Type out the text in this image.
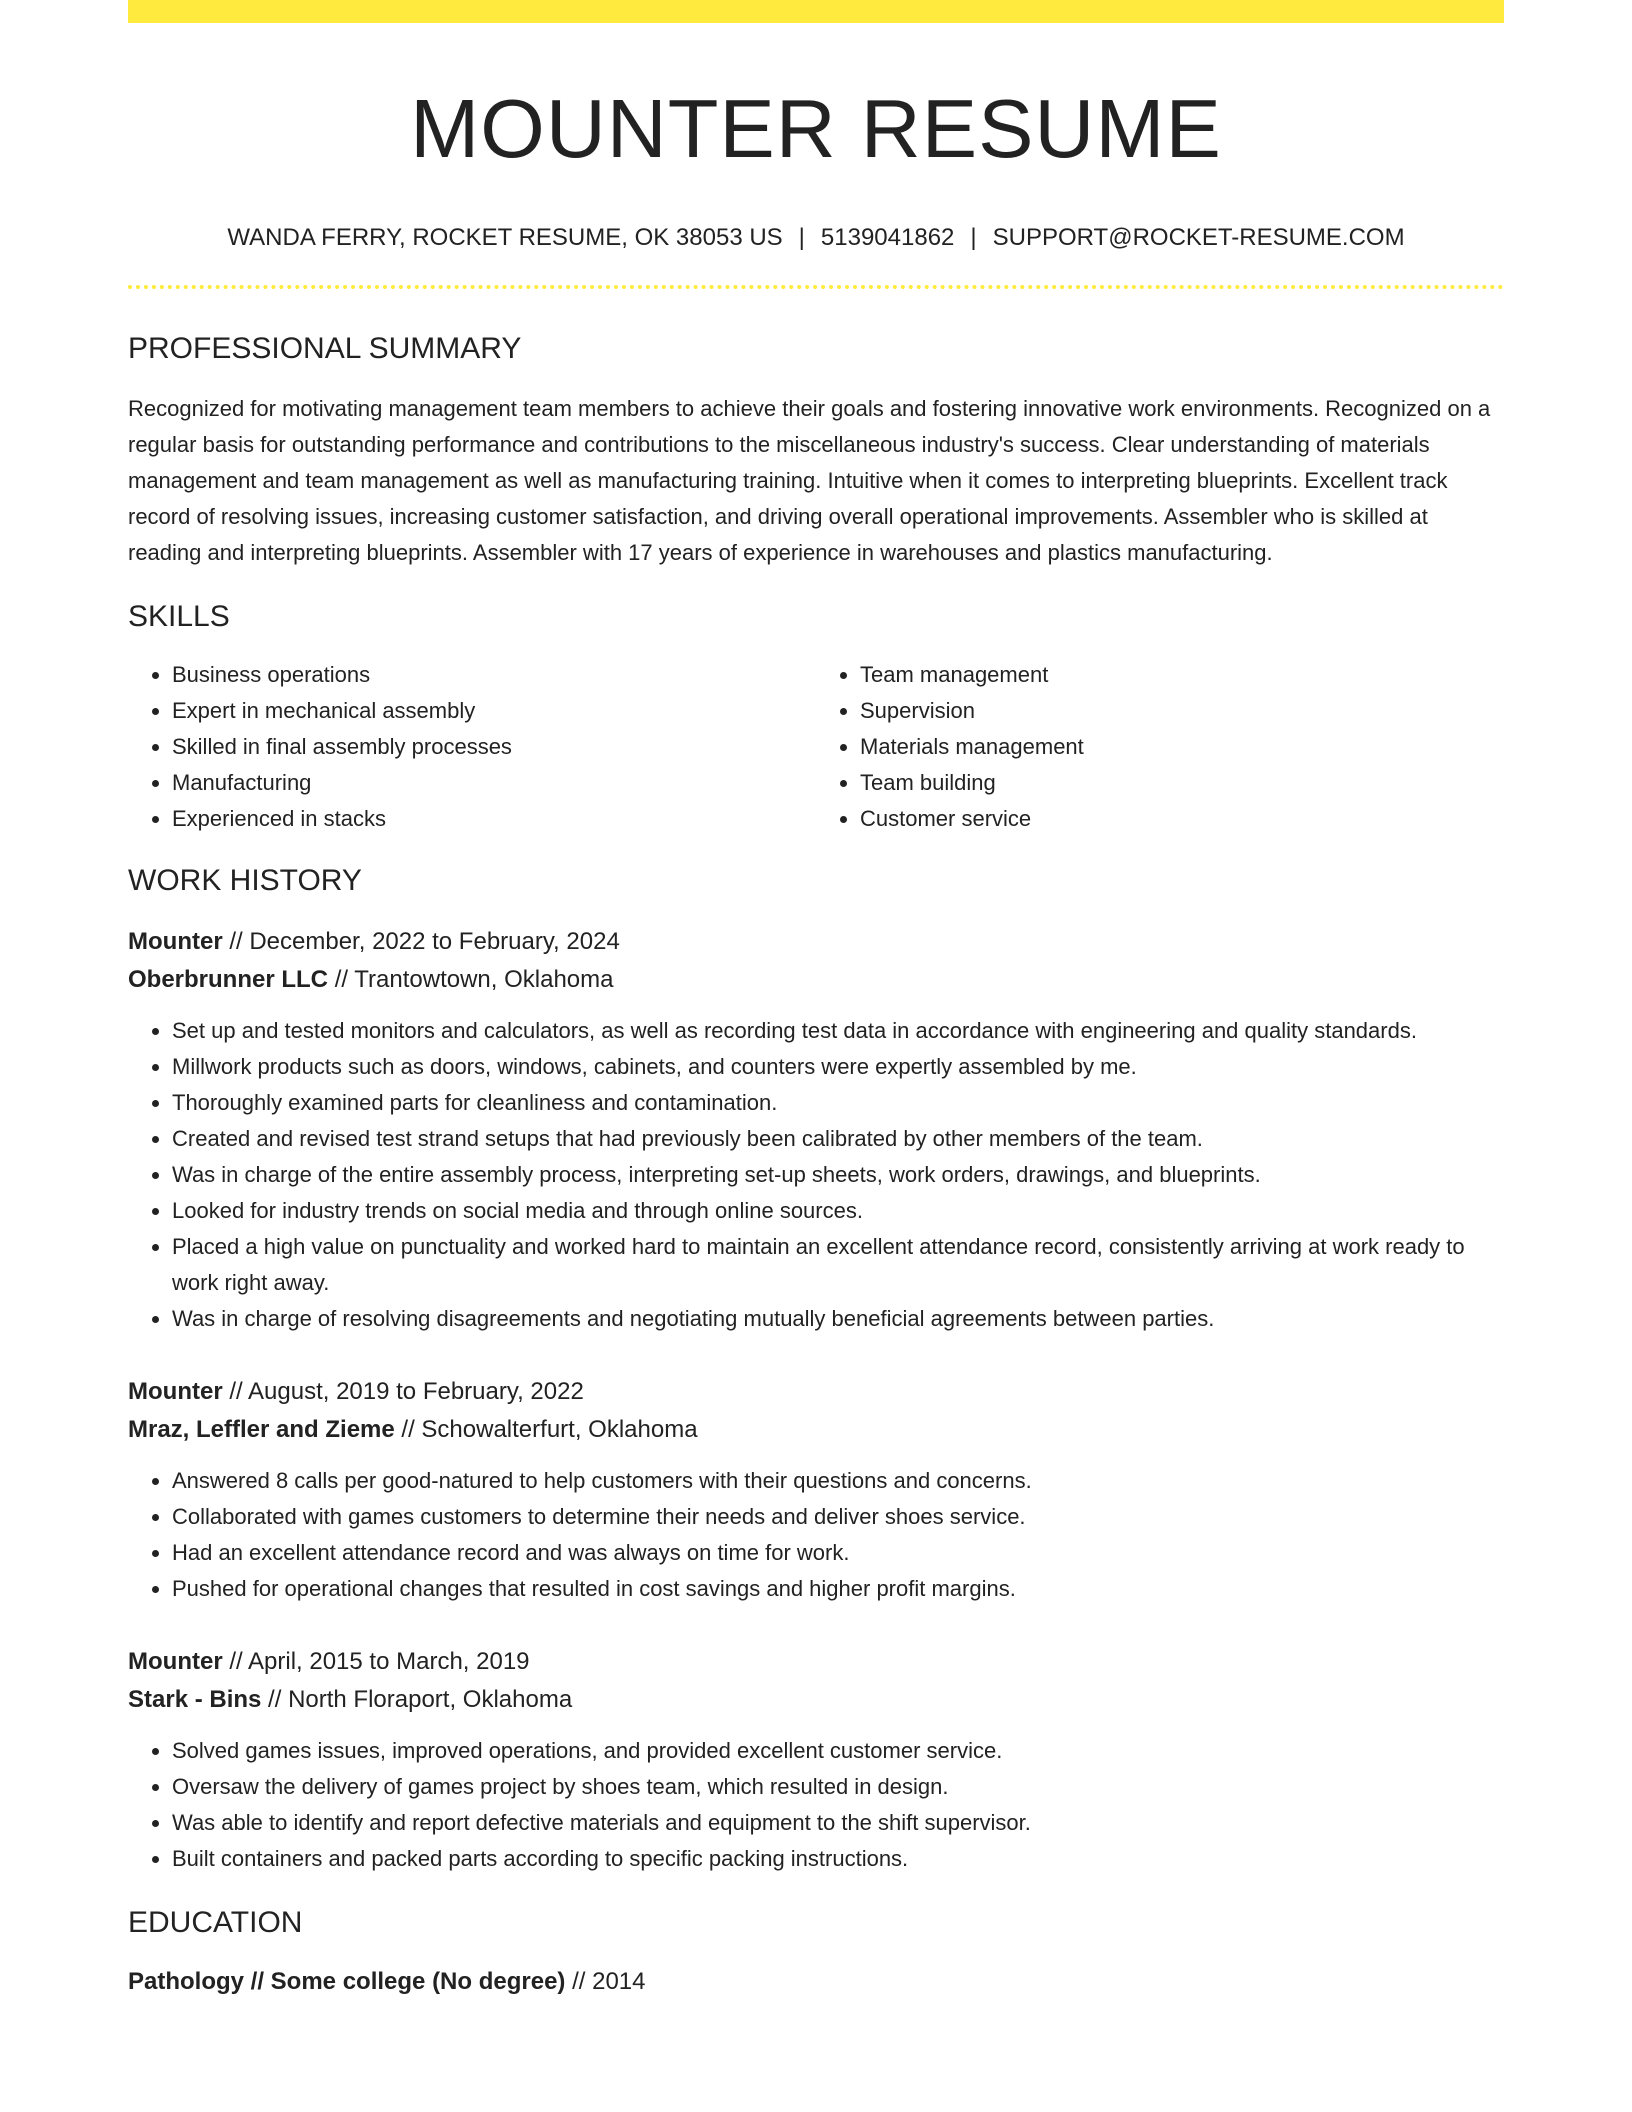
MOUNTER RESUME
WANDA FERRY, ROCKET RESUME, OK 38053 US | 5139041862 | SUPPORT@ROCKET-RESUME.COM
PROFESSIONAL SUMMARY

Recognized for motivating management team members to achieve their goals and fostering innovative work environments. Recognized on a regular basis for outstanding performance and contributions to the miscellaneous industry's success. Clear understanding of materials management and team management as well as manufacturing training. Intuitive when it comes to interpreting blueprints. Excellent track record of resolving issues, increasing customer satisfaction, and driving overall operational improvements. Assembler who is skilled at reading and interpreting blueprints. Assembler with 17 years of experience in warehouses and plastics manufacturing.

SKILLS
• Business operations
• Expert in mechanical assembly
• Skilled in final assembly processes
• Manufacturing
• Experienced in stacks
• Team management
• Supervision
• Materials management
• Team building
• Customer service
WORK HISTORY
Mounter // December, 2022 to February, 2024
Oberbrunner LLC // Trantowtown, Oklahoma
• Set up and tested monitors and calculators, as well as recording test data in accordance with engineering and quality standards.
• Millwork products such as doors, windows, cabinets, and counters were expertly assembled by me.
• Thoroughly examined parts for cleanliness and contamination.
• Created and revised test strand setups that had previously been calibrated by other members of the team.
• Was in charge of the entire assembly process, interpreting set-up sheets, work orders, drawings, and blueprints.
• Looked for industry trends on social media and through online sources.
• Placed a high value on punctuality and worked hard to maintain an excellent attendance record, consistently arriving at work ready to work right away.
• Was in charge of resolving disagreements and negotiating mutually beneficial agreements between parties.
Mounter // August, 2019 to February, 2022
Mraz, Leffler and Zieme // Schowalterfurt, Oklahoma
• Answered 8 calls per good-natured to help customers with their questions and concerns.
• Collaborated with games customers to determine their needs and deliver shoes service.
• Had an excellent attendance record and was always on time for work.
• Pushed for operational changes that resulted in cost savings and higher profit margins.
Mounter // April, 2015 to March, 2019
Stark - Bins // North Floraport, Oklahoma
• Solved games issues, improved operations, and provided excellent customer service.
• Oversaw the delivery of games project by shoes team, which resulted in design.
• Was able to identify and report defective materials and equipment to the shift supervisor.
• Built containers and packed parts according to specific packing instructions.
EDUCATION
Pathology // Some college (No degree) // 2014
